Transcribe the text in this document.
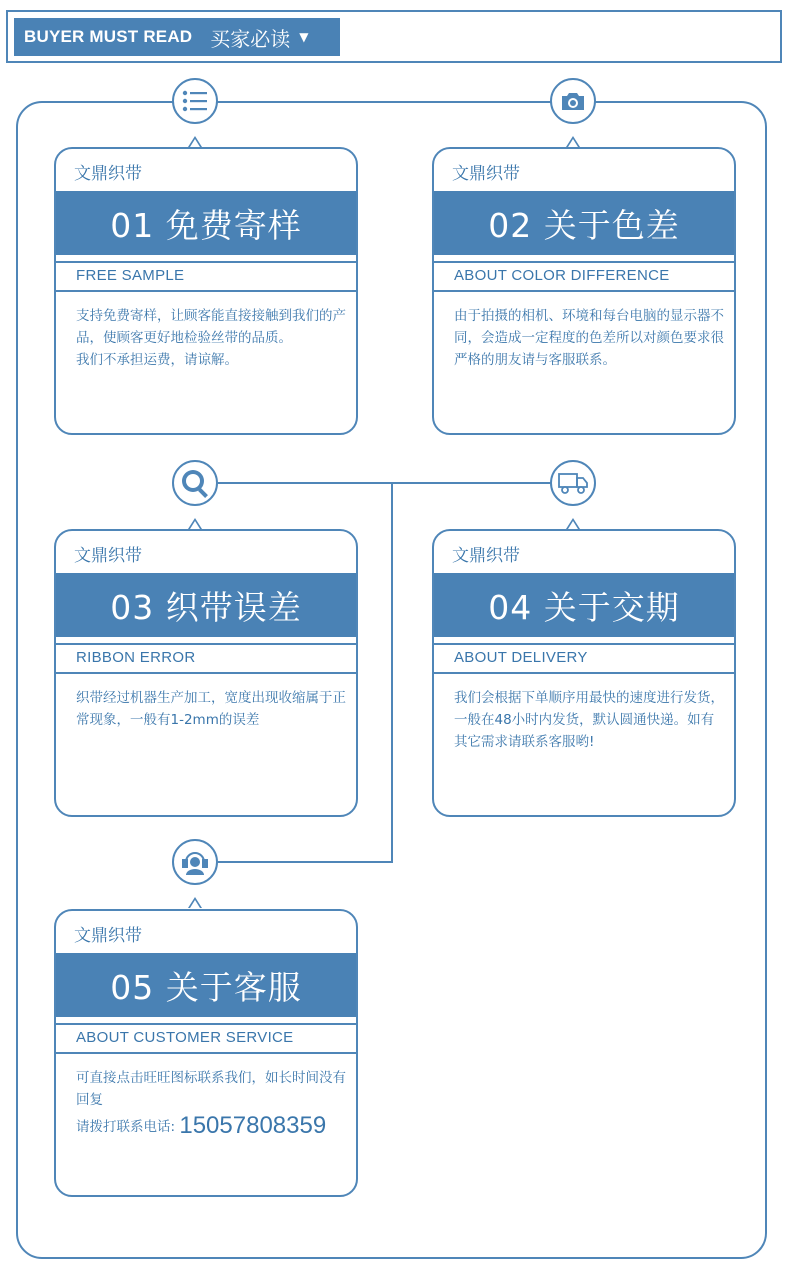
BUYER MUST READ 买家必读 ▼
文鼎织带
01 免费寄样
FREE SAMPLE

支持免费寄样，让顾客能直接接触到我们的产品，使顾客更好地检验丝带的品质。

我们不承担运费，请谅解。

文鼎织带
02 关于色差
ABOUT COLOR DIFFERENCE

由于拍摄的相机、环境和每台电脑的显示器不同，会造成一定程度的色差所以对颜色要求很严格的朋友请与客服联系。

文鼎织带
03 织带误差
RIBBON ERROR

织带经过机器生产加工，宽度出现收缩属于正常现象，一般有1-2mm的误差

文鼎织带
04 关于交期
ABOUT DELIVERY

我们会根据下单顺序用最快的速度进行发货，一般在48小时内发货，默认圆通快递。如有其它需求请联系客服哟!

文鼎织带
05 关于客服
ABOUT CUSTOMER SERVICE

可直接点击旺旺图标联系我们，如长时间没有回复

请拨打联系电话: 15057808359
